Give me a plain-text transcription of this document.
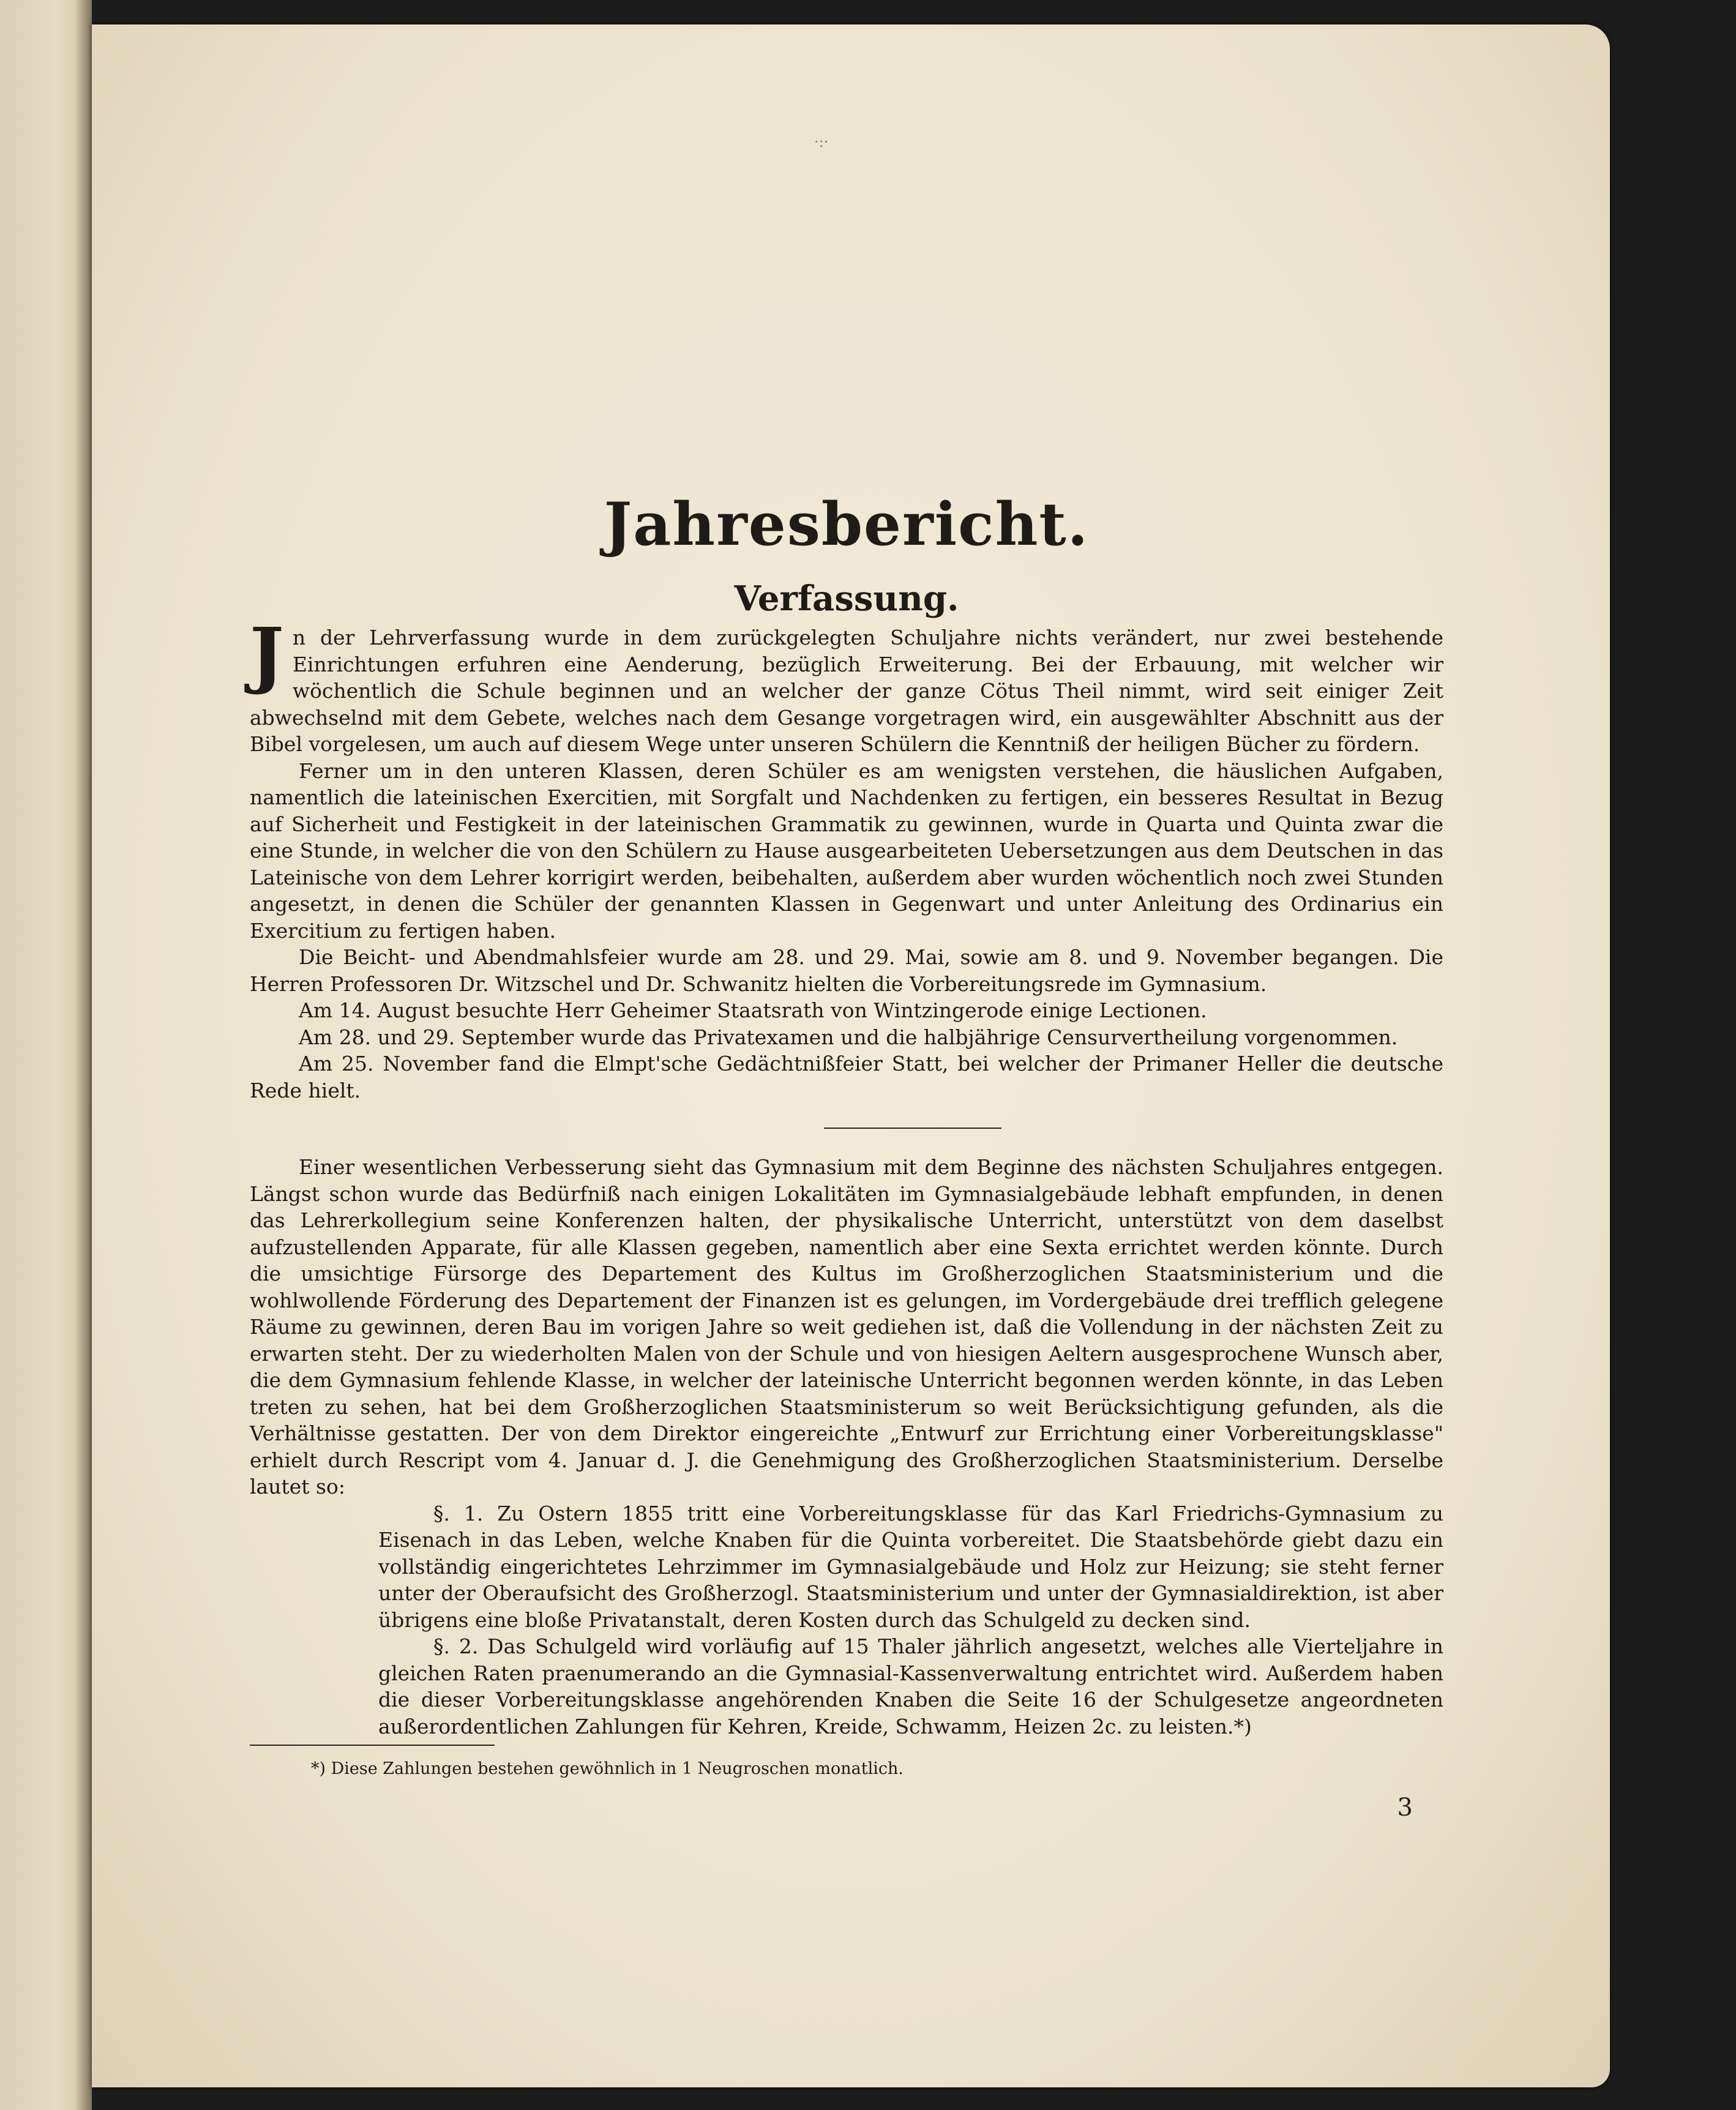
·:·
Jahresbericht.
Verfassung.

Jn der Lehrverfassung wurde in dem zurückgelegten Schuljahre nichts verändert, nur zwei bestehende Einrichtungen erfuhren eine Aenderung, bezüglich Erweiterung. Bei der Erbauung, mit welcher wir wöchentlich die Schule beginnen und an welcher der ganze Cötus Theil nimmt, wird seit einiger Zeit abwechselnd mit dem Gebete, welches nach dem Gesange vorgetragen wird, ein ausgewählter Abschnitt aus der Bibel vorgelesen, um auch auf diesem Wege unter unseren Schülern die Kenntniß der heiligen Bücher zu fördern.

Ferner um in den unteren Klassen, deren Schüler es am wenigsten verstehen, die häuslichen Aufgaben, namentlich die lateinischen Exercitien, mit Sorgfalt und Nachdenken zu fertigen, ein besseres Resultat in Bezug auf Sicherheit und Festigkeit in der lateinischen Grammatik zu gewinnen, wurde in Quarta und Quinta zwar die eine Stunde, in welcher die von den Schülern zu Hause ausgearbeiteten Uebersetzungen aus dem Deutschen in das Lateinische von dem Lehrer korrigirt werden, beibehalten, außerdem aber wurden wöchentlich noch zwei Stunden angesetzt, in denen die Schüler der genannten Klassen in Gegenwart und unter Anleitung des Ordinarius ein Exercitium zu fertigen haben.

Die Beicht- und Abendmahlsfeier wurde am 28. und 29. Mai, sowie am 8. und 9. November begangen. Die Herren Professoren Dr. Witzschel und Dr. Schwanitz hielten die Vorbereitungsrede im Gymnasium.

Am 14. August besuchte Herr Geheimer Staatsrath von Wintzingerode einige Lectionen.

Am 28. und 29. September wurde das Privatexamen und die halbjährige Censurvertheilung vorgenommen.

Am 25. November fand die Elmpt'sche Gedächtnißfeier Statt, bei welcher der Primaner Heller die deutsche Rede hielt.

Einer wesentlichen Verbesserung sieht das Gymnasium mit dem Beginne des nächsten Schuljahres entgegen. Längst schon wurde das Bedürfniß nach einigen Lokalitäten im Gymnasialgebäude lebhaft empfunden, in denen das Lehrerkollegium seine Konferenzen halten, der physikalische Unterricht, unterstützt von dem daselbst aufzustellenden Apparate, für alle Klassen gegeben, namentlich aber eine Sexta errichtet werden könnte. Durch die umsichtige Fürsorge des Departement des Kultus im Großherzoglichen Staatsministerium und die wohlwollende Förderung des Departement der Finanzen ist es gelungen, im Vordergebäude drei trefflich gelegene Räume zu gewinnen, deren Bau im vorigen Jahre so weit gediehen ist, daß die Vollendung in der nächsten Zeit zu erwarten steht. Der zu wiederholten Malen von der Schule und von hiesigen Aeltern ausgesprochene Wunsch aber, die dem Gymnasium fehlende Klasse, in welcher der lateinische Unterricht begonnen werden könnte, in das Leben treten zu sehen, hat bei dem Großherzoglichen Staatsministerum so weit Berücksichtigung gefunden, als die Verhältnisse gestatten. Der von dem Direktor eingereichte „Entwurf zur Errichtung einer Vorbereitungsklasse" erhielt durch Rescript vom 4. Januar d. J. die Genehmigung des Großherzoglichen Staatsministerium. Derselbe lautet so:

§. 1. Zu Ostern 1855 tritt eine Vorbereitungsklasse für das Karl Friedrichs-Gymnasium zu Eisenach in das Leben, welche Knaben für die Quinta vorbereitet. Die Staatsbehörde giebt dazu ein vollständig eingerichtetes Lehrzimmer im Gymnasialgebäude und Holz zur Heizung; sie steht ferner unter der Oberaufsicht des Großherzogl. Staatsministerium und unter der Gymnasialdirektion, ist aber übrigens eine bloße Privatanstalt, deren Kosten durch das Schulgeld zu decken sind.

§. 2. Das Schulgeld wird vorläufig auf 15 Thaler jährlich angesetzt, welches alle Vierteljahre in gleichen Raten praenumerando an die Gymnasial-Kassenverwaltung entrichtet wird. Außerdem haben die dieser Vorbereitungsklasse angehörenden Knaben die Seite 16 der Schulgesetze angeordneten außerordentlichen Zahlungen für Kehren, Kreide, Schwamm, Heizen 2c. zu leisten.*)

*) Diese Zahlungen bestehen gewöhnlich in 1 Neugroschen monatlich.
3
